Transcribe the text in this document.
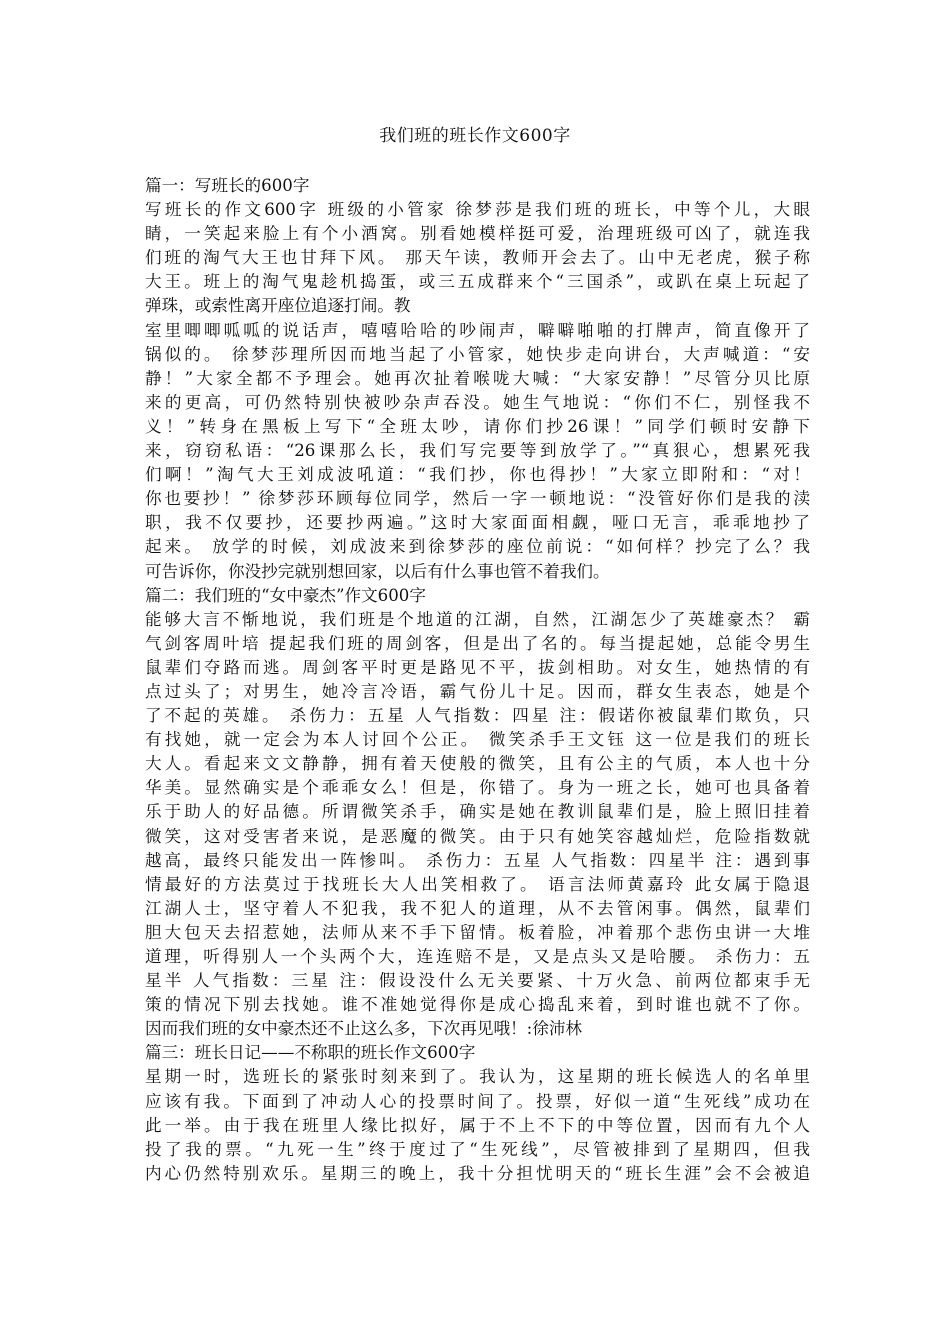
我们班的班长作文600字
篇一：写班长的600字
写班长的作文600字 班级的小管家 徐梦莎是我们班的班长，中等个儿，大眼
睛，一笑起来脸上有个小酒窝。别看她模样挺可爱，治理班级可凶了，就连我
们班的淘气大王也甘拜下风。 那天午读，教师开会去了。山中无老虎，猴子称
大王。班上的淘气鬼趁机捣蛋，或三五成群来个“三国杀”，或趴在桌上玩起了
弹珠，或索性离开座位追逐打闹。教
室里唧唧呱呱的说话声，嘻嘻哈哈的吵闹声，噼噼啪啪的打牌声，简直像开了
锅似的。 徐梦莎理所因而地当起了小管家，她快步走向讲台，大声喊道：“安
静！”大家全都不予理会。她再次扯着喉咙大喊：“大家安静！”尽管分贝比原
来的更高，可仍然特别快被吵杂声吞没。她生气地说：“你们不仁，别怪我不
义！”转身在黑板上写下“全班太吵，请你们抄26课！”同学们顿时安静下
来，窃窃私语：“26课那么长，我们写完要等到放学了。”“真狠心，想累死我
们啊！”淘气大王刘成波吼道：“我们抄，你也得抄！”大家立即附和：“对！
你也要抄！” 徐梦莎环顾每位同学，然后一字一顿地说：“没管好你们是我的渎
职，我不仅要抄，还要抄两遍。”这时大家面面相觑，哑口无言，乖乖地抄了
起来。 放学的时候，刘成波来到徐梦莎的座位前说：“如何样？抄完了么？我
可告诉你，你没抄完就别想回家，以后有什么事也管不着我们。
篇二：我们班的“女中豪杰”作文600字
能够大言不惭地说，我们班是个地道的江湖，自然，江湖怎少了英雄豪杰？ 霸
气剑客周叶培 提起我们班的周剑客，但是出了名的。每当提起她，总能令男生
鼠辈们夺路而逃。周剑客平时更是路见不平，拔剑相助。对女生，她热情的有
点过头了；对男生，她冷言冷语，霸气份儿十足。因而，群女生表态，她是个
了不起的英雄。 杀伤力：五星 人气指数：四星 注：假诺你被鼠辈们欺负，只
有找她，就一定会为本人讨回个公正。 微笑杀手王文钰 这一位是我们的班长
大人。看起来文文静静，拥有着天使般的微笑，且有公主的气质，本人也十分
华美。显然确实是个乖乖女么！但是，你错了。身为一班之长，她可也具备着
乐于助人的好品德。所谓微笑杀手，确实是她在教训鼠辈们是，脸上照旧挂着
微笑，这对受害者来说，是恶魔的微笑。由于只有她笑容越灿烂，危险指数就
越高，最终只能发出一阵惨叫。 杀伤力：五星 人气指数：四星半 注：遇到事
情最好的方法莫过于找班长大人出笑相救了。 语言法师黄嘉玲 此女属于隐退
江湖人士，坚守着人不犯我，我不犯人的道理，从不去管闲事。偶然，鼠辈们
胆大包天去招惹她，法师从来不手下留情。板着脸，冲着那个悲伤虫讲一大堆
道理，听得别人一个头两个大，连连赔不是，又是点头又是哈腰。 杀伤力：五
星半 人气指数：三星 注：假设没什么无关要紧、十万火急、前两位都束手无
策的情况下别去找她。谁不准她觉得你是成心捣乱来着，到时谁也就不了你。
因而我们班的女中豪杰还不止这么多，下次再见哦！:徐沛林
篇三：班长日记——不称职的班长作文600字
星期一时，选班长的紧张时刻来到了。我认为，这星期的班长候选人的名单里
应该有我。下面到了冲动人心的投票时间了。投票，好似一道“生死线”成功在
此一举。由于我在班里人缘比拟好，属于不上不下的中等位置，因而有九个人
投了我的票。“九死一生”终于度过了“生死线”，尽管被排到了星期四，但我
内心仍然特别欢乐。星期三的晚上，我十分担忧明天的“班长生涯”会不会被追
